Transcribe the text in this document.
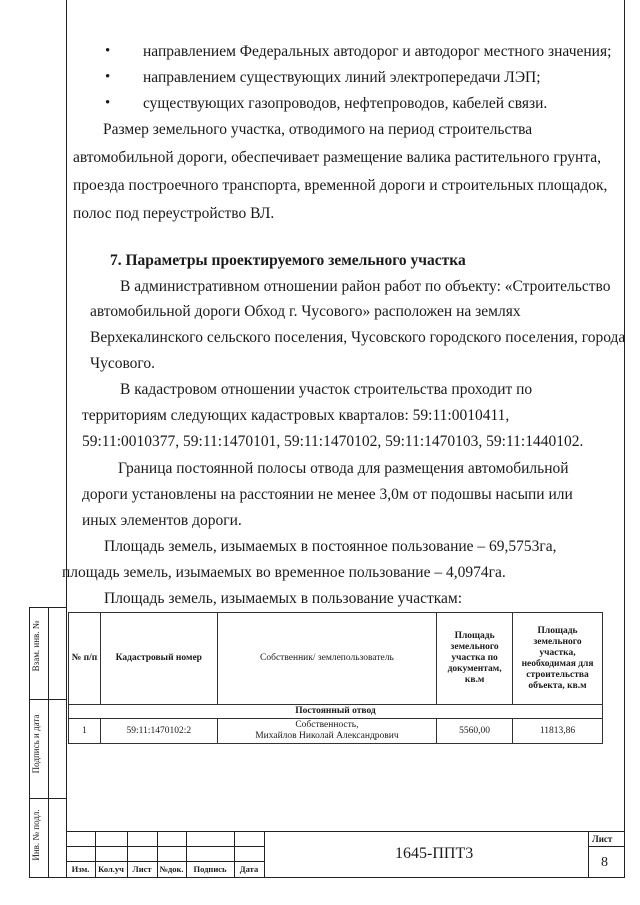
• направлением Федеральных автодорог и автодорог местного значения;
• направлением существующих линий электропередачи ЛЭП;
• существующих газопроводов, нефтепроводов, кабелей связи.
Размер земельного участка, отводимого на период строительства
автомобильной дороги, обеспечивает размещение валика растительного грунта,
проезда построечного транспорта, временной дороги и строительных площадок,
полос под переустройство ВЛ.
7. Параметры проектируемого земельного участка
В административном отношении район работ по объекту: «Строительство
автомобильной дороги Обход г. Чусового» расположен на землях
Верхекалинского сельского поселения, Чусовского городского поселения, города
Чусового.
В кадастровом отношении участок строительства проходит по
территориям следующих кадастровых кварталов: 59:11:0010411,
59:11:0010377, 59:11:1470101, 59:11:1470102, 59:11:1470103, 59:11:1440102.
Граница постоянной полосы отвода для размещения автомобильной
дороги установлены на расстоянии не менее 3,0м от подошвы насыпи или
иных элементов дороги.
Площадь земель, изымаемых в постоянное пользование – 69,5753га,
площадь земель, изымаемых во временное пользование – 4,0974га.
Площадь земель, изымаемых в пользование участкам:
№ п/п	Кадастровый номер	Собственник/ землепользователь	Площадь земельного участка по документам, кв.м	Площадь земельного участка, необходимая для строительства объекта, кв.м
Постоянный отвод				
1	59:11:1470102:2	Собственность,
Михайлов Николай Александрович	5560,00	11813,86
Взам. инв. №
Подпись и дата
Инв. № подл.
Изм.	Кол.уч	Лист №док.	Подпись	Дата
1645-ППТ3
Лист
8
